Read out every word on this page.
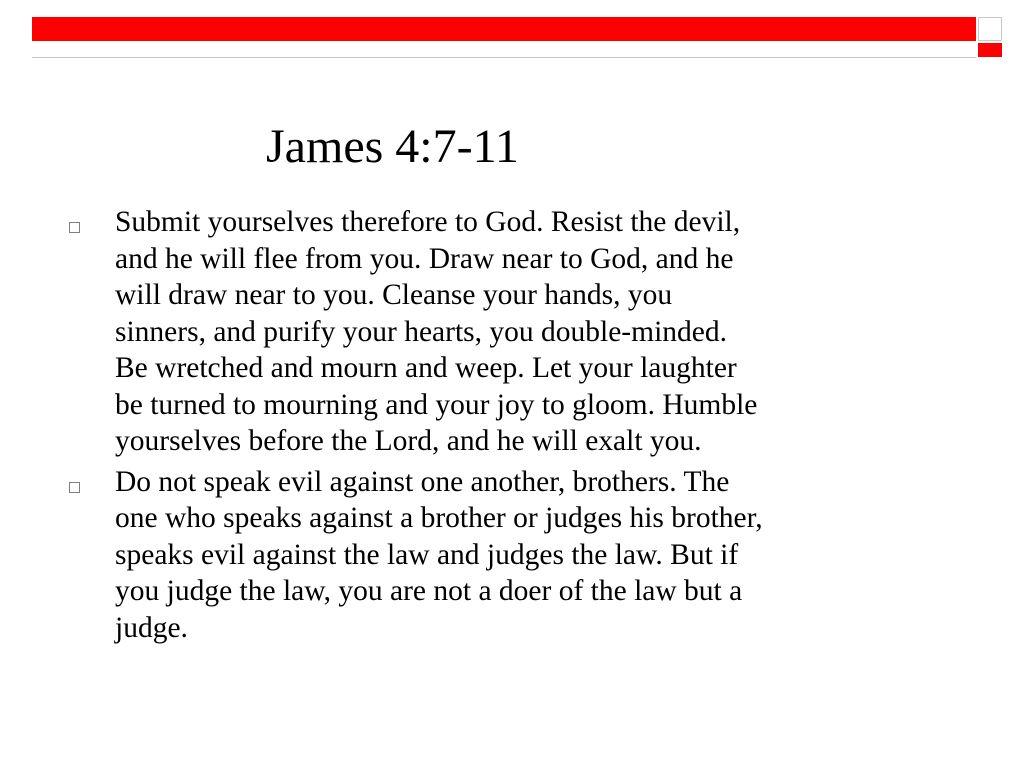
James 4:7-11
Submit yourselves therefore to God. Resist the devil,
and he will flee from you. Draw near to God, and he
will draw near to you. Cleanse your hands, you
sinners, and purify your hearts, you double-minded.
Be wretched and mourn and weep. Let your laughter
be turned to mourning and your joy to gloom. Humble
yourselves before the Lord, and he will exalt you.
Do not speak evil against one another, brothers. The
one who speaks against a brother or judges his brother,
speaks evil against the law and judges the law. But if
you judge the law, you are not a doer of the law but a
judge.
